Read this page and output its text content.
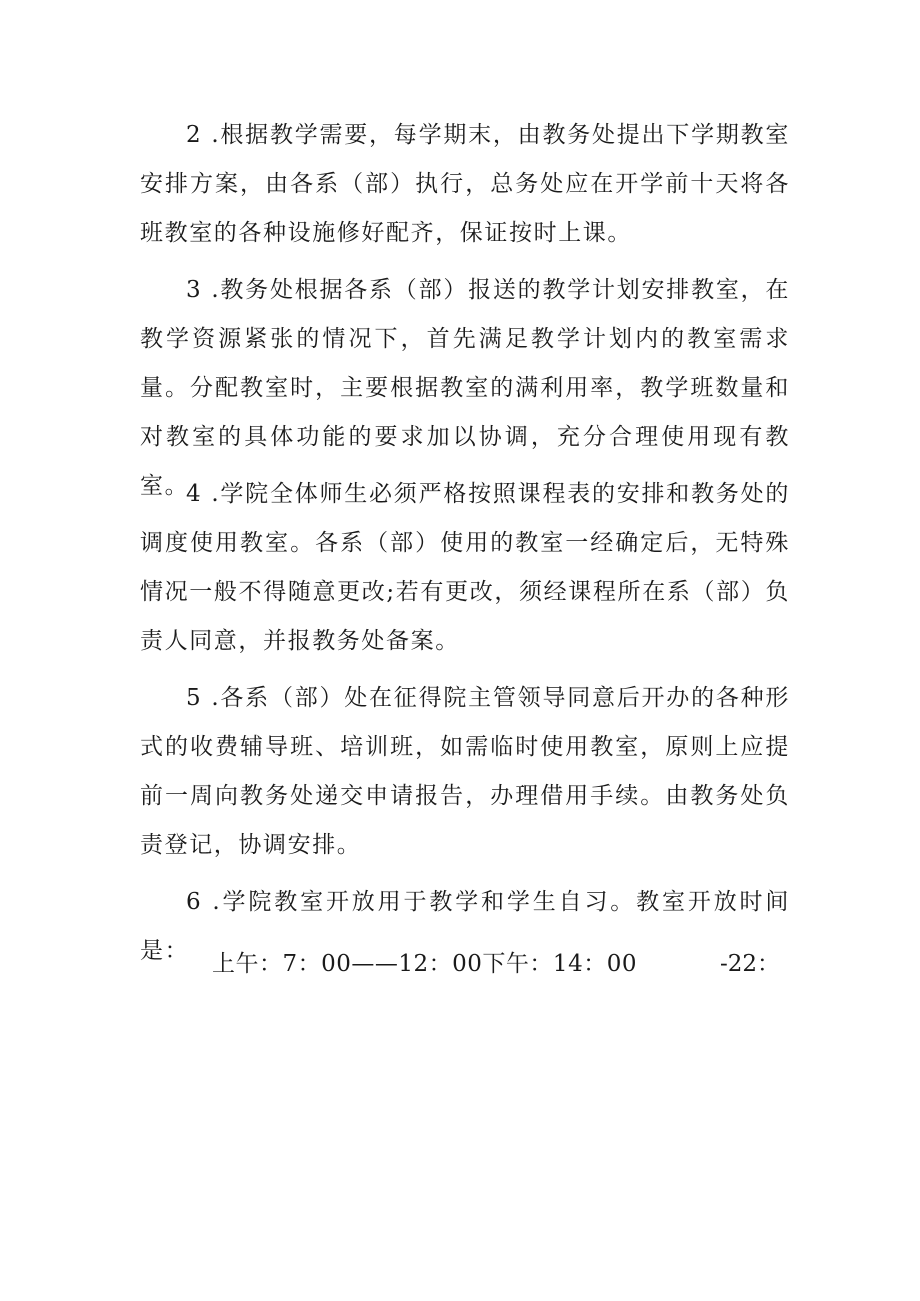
2 .根据教学需要，每学期末，由教务处提出下学期教室安排方案，由各系（部）执行，总务处应在开学前十天将各班教室的各种设施修好配齐，保证按时上课。

3 .教务处根据各系（部）报送的教学计划安排教室，在教学资源紧张的情况下，首先满足教学计划内的教室需求量。分配教室时，主要根据教室的满利用率，教学班数量和对教室的具体功能的要求加以协调，充分合理使用现有教室。

4 .学院全体师生必须严格按照课程表的安排和教务处的调度使用教室。各系（部）使用的教室一经确定后，无特殊情况一般不得随意更改;若有更改，须经课程所在系（部）负责人同意，并报教务处备案。

5 .各系（部）处在征得院主管领导同意后开办的各种形式的收费辅导班、培训班，如需临时使用教室，原则上应提前一周向教务处递交申请报告，办理借用手续。由教务处负责登记，协调安排。

6 .学院教室开放用于教学和学生自习。教室开放时间是： 上午：7：00——12：00下午：14：00	-22：
